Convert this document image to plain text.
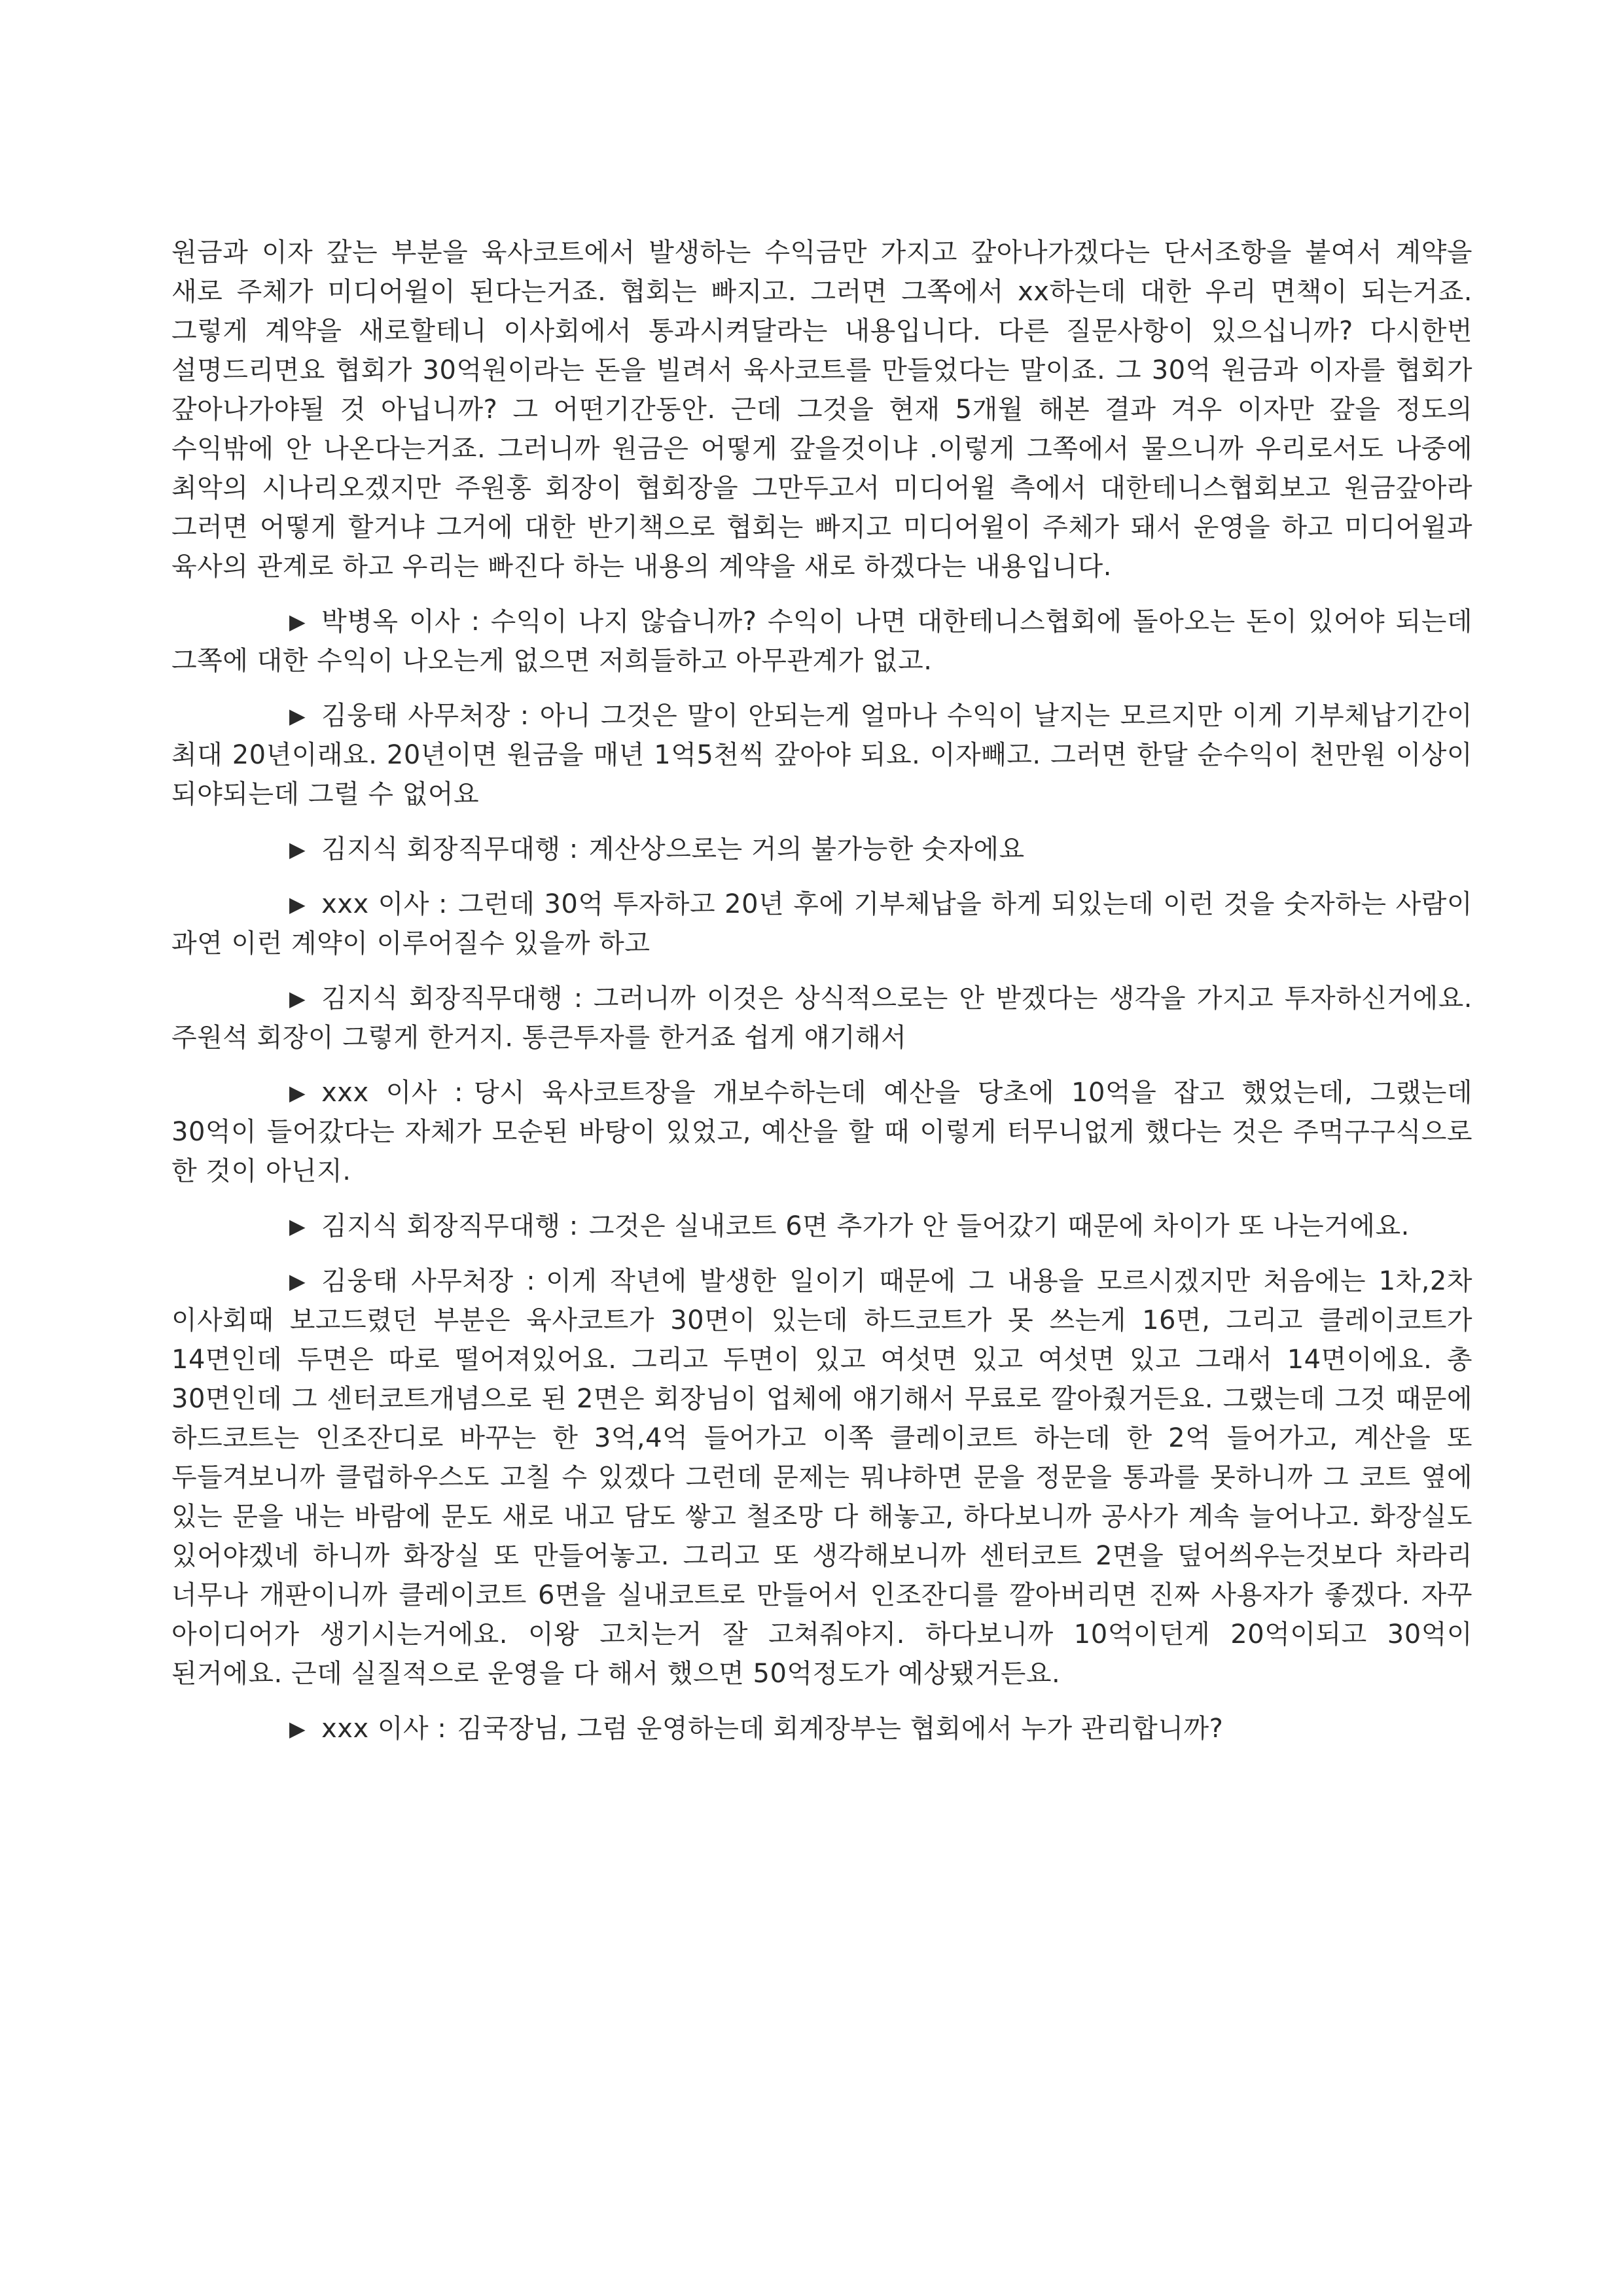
원금과 이자 갚는 부분을 육사코트에서 발생하는 수익금만 가지고 갚아나가겠다는 단서조항을 붙여서 계약을 새로 주체가 미디어윌이 된다는거죠. 협회는 빠지고. 그러면 그쪽에서 xx하는데 대한 우리 면책이 되는거죠. 그렇게 계약을 새로할테니 이사회에서 통과시켜달라는 내용입니다. 다른 질문사항이 있으십니까? 다시한번 설명드리면요 협회가 30억원이라는 돈을 빌려서 육사코트를 만들었다는 말이죠. 그 30억 원금과 이자를 협회가 갚아나가야될 것 아닙니까? 그 어떤기간동안. 근데 그것을 현재 5개월 해본 결과 겨우 이자만 갚을 정도의 수익밖에 안 나온다는거죠. 그러니까 원금은 어떻게 갚을것이냐 .이렇게 그쪽에서 물으니까 우리로서도 나중에 최악의 시나리오겠지만 주원홍 회장이 협회장을 그만두고서 미디어윌 측에서 대한테니스협회보고 원금갚아라 그러면 어떻게 할거냐 그거에 대한 반기책으로 협회는 빠지고 미디어윌이 주체가 돼서 운영을 하고 미디어윌과 육사의 관계로 하고 우리는 빠진다 하는 내용의 계약을 새로 하겠다는 내용입니다.

▶ 박병옥 이사 : 수익이 나지 않습니까? 수익이 나면 대한테니스협회에 돌아오는 돈이 있어야 되는데 그쪽에 대한 수익이 나오는게 없으면 저희들하고 아무관계가 없고.

▶ 김웅태 사무처장 : 아니 그것은 말이 안되는게 얼마나 수익이 날지는 모르지만 이게 기부체납기간이 최대 20년이래요. 20년이면 원금을 매년 1억5천씩 갚아야 되요. 이자빼고. 그러면 한달 순수익이 천만원 이상이 되야되는데 그럴 수 없어요

▶ 김지식 회장직무대행 : 계산상으로는 거의 불가능한 숫자에요

▶ xxx 이사 : 그런데 30억 투자하고 20년 후에 기부체납을 하게 되있는데 이런 것을 숫자하는 사람이 과연 이런 계약이 이루어질수 있을까 하고

▶ 김지식 회장직무대행 : 그러니까 이것은 상식적으로는 안 받겠다는 생각을 가지고 투자하신거에요. 주원석 회장이 그렇게 한거지. 통큰투자를 한거죠 쉽게 얘기해서

▶ xxx 이사 : 당시 육사코트장을 개보수하는데 예산을 당초에 10억을 잡고 했었는데, 그랬는데 30억이 들어갔다는 자체가 모순된 바탕이 있었고, 예산을 할 때 이렇게 터무니없게 했다는 것은 주먹구구식으로 한 것이 아닌지.

▶ 김지식 회장직무대행 : 그것은 실내코트 6면 추가가 안 들어갔기 때문에 차이가 또 나는거에요.

▶ 김웅태 사무처장 : 이게 작년에 발생한 일이기 때문에 그 내용을 모르시겠지만 처음에는 1차,2차 이사회때 보고드렸던 부분은 육사코트가 30면이 있는데 하드코트가 못 쓰는게 16면, 그리고 클레이코트가 14면인데 두면은 따로 떨어져있어요. 그리고 두면이 있고 여섯면 있고 여섯면 있고 그래서 14면이에요. 총 30면인데 그 센터코트개념으로 된 2면은 회장님이 업체에 얘기해서 무료로 깔아줬거든요. 그랬는데 그것 때문에 하드코트는 인조잔디로 바꾸는 한 3억,4억 들어가고 이쪽 클레이코트 하는데 한 2억 들어가고, 계산을 또 두들겨보니까 클럽하우스도 고칠 수 있겠다 그런데 문제는 뭐냐하면 문을 정문을 통과를 못하니까 그 코트 옆에 있는 문을 내는 바람에 문도 새로 내고 담도 쌓고 철조망 다 해놓고, 하다보니까 공사가 계속 늘어나고. 화장실도 있어야겠네 하니까 화장실 또 만들어놓고. 그리고 또 생각해보니까 센터코트 2면을 덮어씌우는것보다 차라리 너무나 개판이니까 클레이코트 6면을 실내코트로 만들어서 인조잔디를 깔아버리면 진짜 사용자가 좋겠다. 자꾸 아이디어가 생기시는거에요. 이왕 고치는거 잘 고쳐줘야지. 하다보니까 10억이던게 20억이되고 30억이 된거에요. 근데 실질적으로 운영을 다 해서 했으면 50억정도가 예상됐거든요.

▶ xxx 이사 : 김국장님, 그럼 운영하는데 회계장부는 협회에서 누가 관리합니까?
